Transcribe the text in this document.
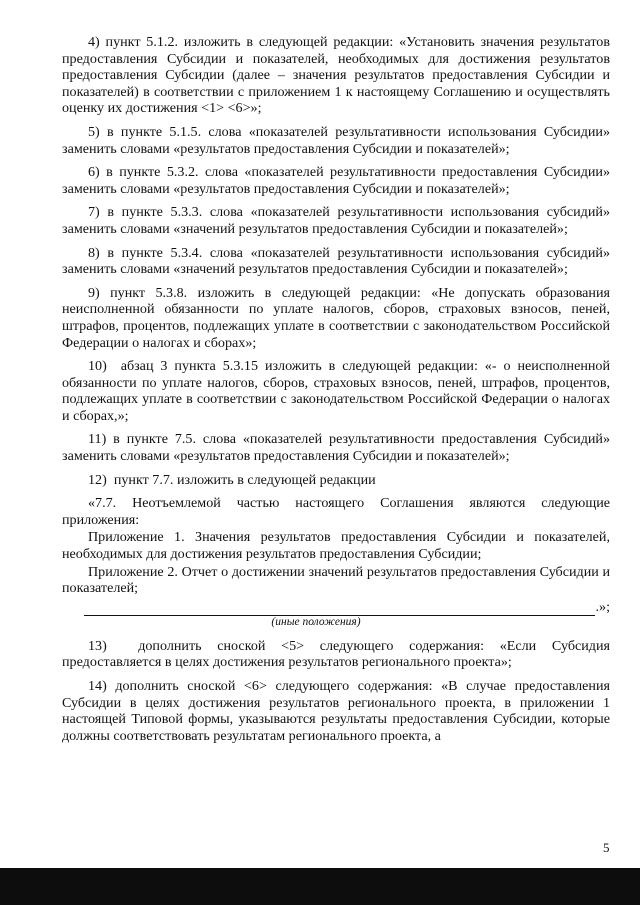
4) пункт 5.1.2. изложить в следующей редакции: «Установить значения результатов предоставления Субсидии и показателей, необходимых для достижения результатов предоставления Субсидии (далее – значения результатов предоставления Субсидии и показателей) в соответствии с приложением 1 к настоящему Соглашению и осуществлять оценку их достижения <1> <6>»;

5) в пункте 5.1.5. слова «показателей результативности использования Субсидии» заменить словами «результатов предоставления Субсидии и показателей»;

6) в пункте 5.3.2. слова «показателей результативности предоставления Субсидии» заменить словами «результатов предоставления Субсидии и показателей»;

7) в пункте 5.3.3. слова «показателей результативности использования субсидий» заменить словами «значений результатов предоставления Субсидии и показателей»;

8) в пункте 5.3.4. слова «показателей результативности использования субсидий» заменить словами «значений результатов предоставления Субсидии и показателей»;

9) пункт 5.3.8. изложить в следующей редакции: «Не допускать образования неисполненной обязанности по уплате налогов, сборов, страховых взносов, пеней, штрафов, процентов, подлежащих уплате в соответствии с законодательством Российской Федерации о налогах и сборах»;

10)  абзац 3 пункта 5.3.15 изложить в следующей редакции: «- о неисполненной обязанности по уплате налогов, сборов, страховых взносов, пеней, штрафов, процентов, подлежащих уплате в соответствии с законодательством Российской Федерации о налогах и сборах,»;

11) в пункте 7.5. слова «показателей результативности предоставления Субсидий» заменить словами «результатов предоставления Субсидии и показателей»;

12)  пункт 7.7. изложить в следующей редакции

«7.7. Неотъемлемой частью настоящего Соглашения являются следующие приложения:

Приложение 1. Значения результатов предоставления Субсидии и показателей, необходимых для достижения результатов предоставления Субсидии;

Приложение 2. Отчет о достижении значений результатов предоставления Субсидии и показателей;

.»;

(иные положения)

13)  дополнить сноской <5> следующего содержания: «Если Субсидия предоставляется в целях достижения результатов регионального проекта»;

14) дополнить сноской <6> следующего содержания: «В случае предоставления Субсидии в целях достижения результатов регионального проекта, в приложении 1 настоящей Типовой формы, указываются результаты предоставления Субсидии, которые должны соответствовать результатам регионального проекта, а

5
